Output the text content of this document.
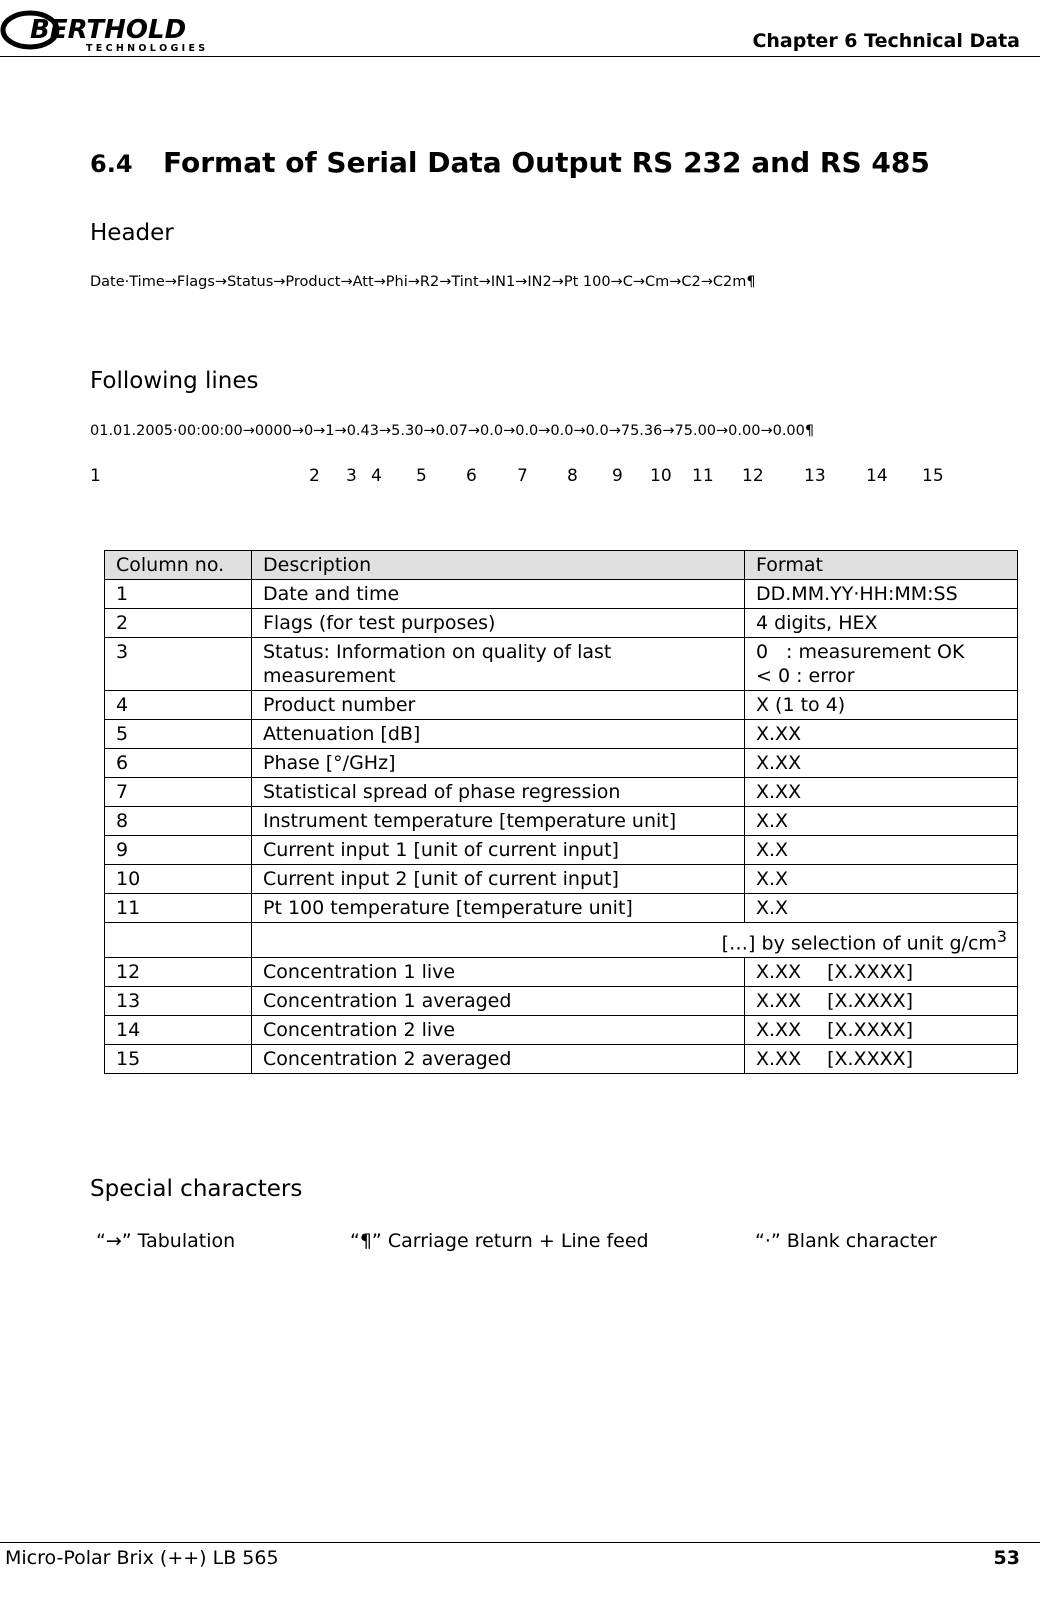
BERTHOLD
T E C H N O L O G I E S	Chapter 6 Technical Data
6.4 Format of Serial Data Output RS 232 and RS 485
Header
Date·Time→Flags→Status→Product→Att→Phi→R2→Tint→IN1→IN2→Pt 100→C→Cm→C2→C2m¶
Following lines
01.01.2005·00:00:00→0000→0→1→0.43→5.30→0.07→0.0→0.0→0.0→0.0→75.36→75.00→0.00→0.00¶
1	2 3 4 5 6 7 8 9 10 11 12 13 14 15
Column no.	Description	Format
1	Date and time	DD.MM.YY·HH:MM:SS
2	Flags (for test purposes)	4 digits, HEX
3	Status: Information on quality of last measurement	0 : measurement OK
< 0 : error

4	Product number	X (1 to 4)
5	Attenuation [dB]	X.XX
6	Phase [°/GHz]	X.XX
7	Statistical spread of phase regression	X.XX
8	Instrument temperature [temperature unit]	X.X
9	Current input 1 [unit of current input]	X.X
10	Current input 2 [unit of current input]	X.X
11	Pt 100 temperature [temperature unit]	X.X
	[…] by selection of unit $g/cm^3$
12	Concentration 1 live	X.XX [X.XXXX]
13	Concentration 1 averaged	X.XX [X.XXXX]
14	Concentration 2 live	X.XX [X.XXXX]
15	Concentration 2 averaged	X.XX [X.XXXX]
Special characters
“→” Tabulation	“¶” Carriage return + Line feed	“·” Blank character
Micro-Polar Brix (++) LB 565	53
